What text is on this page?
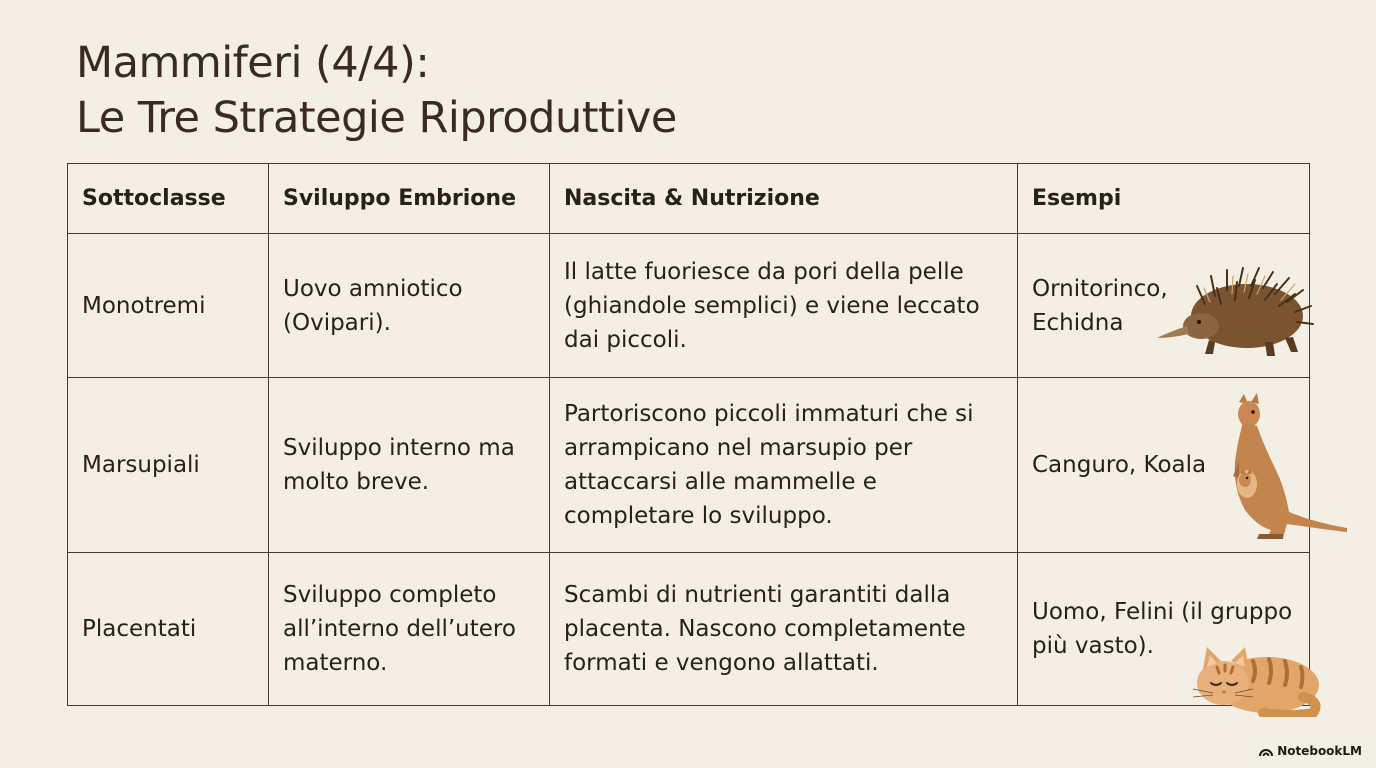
Mammiferi (4/4):
Le Tre Strategie Riproduttive
Sottoclasse	Sviluppo Embrione	Nascita & Nutrizione	Esempi
Monotremi	Uovo amniotico (Ovipari).	Il latte fuoriesce da pori della pelle (ghiandole semplici) e viene leccato dai piccoli.	Ornitorinco, Echidna

Marsupiali	Sviluppo interno ma molto breve.	Partoriscono piccoli immaturi che si arrampicano nel marsupio per attaccarsi alle mammelle e completare lo sviluppo.	Canguro, Koala

Placentati	Sviluppo completo all’interno dell’utero materno.	Scambi di nutrienti garantiti dalla placenta. Nascono completamente formati e vengono allattati.	Uomo, Felini (il gruppo più vasto).
NotebookLM
